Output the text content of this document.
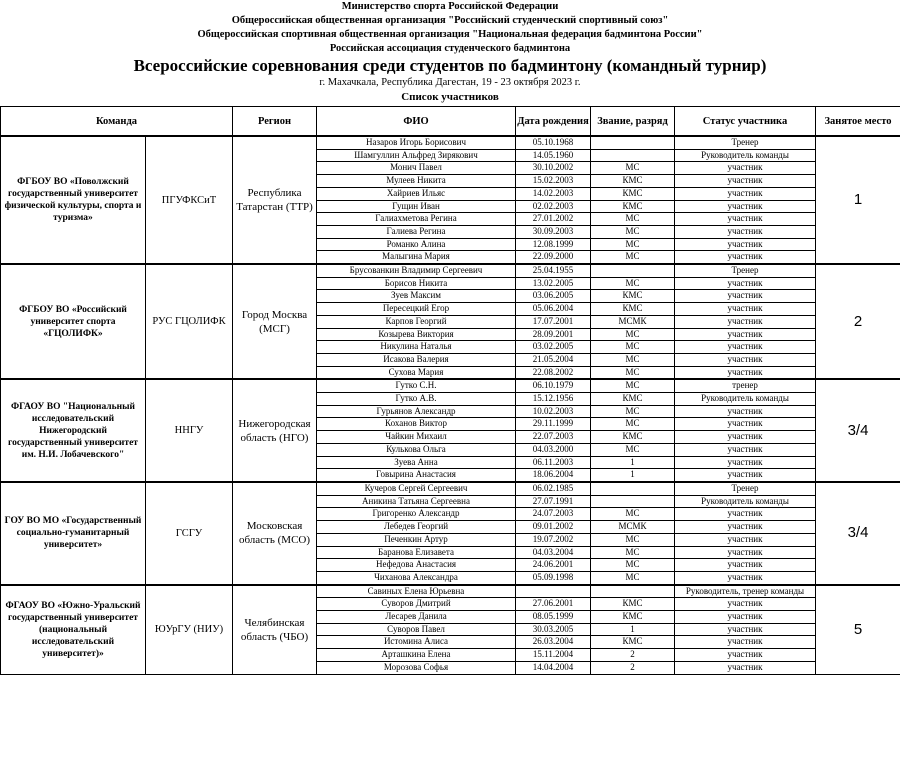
Министерство спорта Российской Федерации
Общероссийская общественная организация "Российский студенческий спортивный союз"
Общероссийская спортивная общественная организация "Национальная федерация бадминтона России"
Российская ассоциация студенческого бадминтона
Всероссийские соревнования среди студентов по бадминтону (командный турнир)
г. Махачкала, Республика Дагестан, 19 - 23 октября 2023 г.
Список участников
Команда		Регион	ФИО	Дата рождения	Звание, разряд	Статус участника	Занятое место
ФГБОУ ВО «Поволжский государственный университет физической культуры, спорта и туризма»	ПГУФКСиТ	Республика Татарстан (ТТР)	Назаров Игорь Борисович	05.10.1968		Тренер	1
			Шамгуллин Альфред Зирякович	14.05.1960		Руководитель команды	
			Монич Павел	30.10.2002	МС	участник	
			Мулеев Никита	15.02.2003	КМС	участник	
			Хайриев Ильяс	14.02.2003	КМС	участник	
			Гущин Иван	02.02.2003	КМС	участник	
			Галиахметова Регина	27.01.2002	МС	участник	
			Галиева Регина	30.09.2003	МС	участник	
			Романко Алина	12.08.1999	МС	участник	
			Малыгина Мария	22.09.2000	МС	участник	
ФГБОУ ВО «Российский университет спорта «ГЦОЛИФК»	РУС ГЦОЛИФК	Город Москва (МСГ)	Брусованкин Владимир Сергеевич	25.04.1955		Тренер	2
			Борисов Никита	13.02.2005	МС	участник	
			Зуев Максим	03.06.2005	КМС	участник	
			Пересецкий Егор	05.06.2004	КМС	участник	
			Карпов Георгий	17.07.2001	МСМК	участник	
			Козырева Виктория	28.09.2001	МС	участник	
			Никулина Наталья	03.02.2005	МС	участник	
			Исакова Валерия	21.05.2004	МС	участник	
			Сухова Мария	22.08.2002	МС	участник	
ФГАОУ ВО "Национальный исследовательский Нижегородский государственный университет им. Н.И. Лобачевского"	ННГУ	Нижегородская область (НГО)	Гутко С.Н.	06.10.1979	МС	тренер	3/4
			Гутко А.В.	15.12.1956	КМС	Руководитель команды	
			Гурьянов Александр	10.02.2003	МС	участник	
			Коханов Виктор	29.11.1999	МС	участник	
			Чайкин Михаил	22.07.2003	КМС	участник	
			Кулькова Ольга	04.03.2000	МС	участник	
			Зуева Анна	06.11.2003	1	участник	
			Говырина Анастасия	18.06.2004	1	участник	
ГОУ ВО МО «Государственный социально-гуманитарный университет»	ГСГУ	Московская область (МСО)	Кучеров Сергей Сергеевич	06.02.1985		Тренер	3/4
			Аникина Татьяна Сергеевна	27.07.1991		Руководитель команды	
			Григоренко Александр	24.07.2003	МС	участник	
			Лебедев Георгий	09.01.2002	МСМК	участник	
			Печенкин Артур	19.07.2002	МС	участник	
			Баранова Елизавета	04.03.2004	МС	участник	
			Нефедова Анастасия	24.06.2001	МС	участник	
			Чиханова Александра	05.09.1998	МС	участник	
ФГАОУ ВО «Южно-Уральский государственный университет (национальный исследовательский университет)»	ЮУрГУ (НИУ)	Челябинская область (ЧБО)	Савиных Елена Юрьевна			Руководитель, тренер команды	5
			Суворов Дмитрий	27.06.2001	КМС	участник	
			Лесарев Данила	08.05.1999	КМС	участник	
			Суворов Павел	30.03.2005	1	участник	
			Истомина Алиса	26.03.2004	КМС	участник	
			Арташкина Елена	15.11.2004	2	участник	
			Морозова Софья	14.04.2004	2	участник	
